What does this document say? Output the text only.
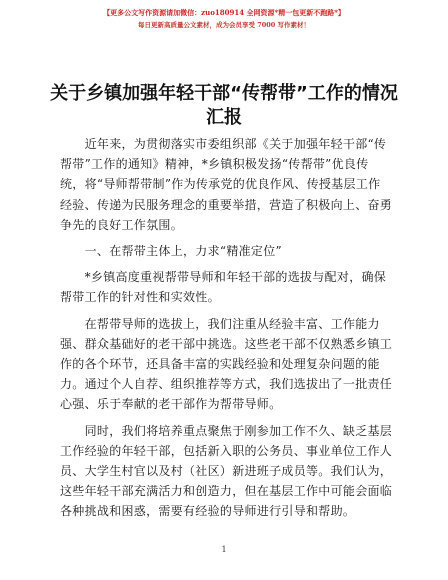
【更多公文写作资源请加微信：zuo180914 全网资源*精一包更新不跑路*】
每日更新高质量公文素材，成为会员享受 7000 写作素材！
关于乡镇加强年轻干部“传帮带”工作的情况
汇报

　　近年来，为贯彻落实市委组织部《关于加强年轻干部“传
帮带”工作的通知》精神，*乡镇积极发扬“传帮带”优良传
统，将“导师帮带制”作为传承党的优良作风、传授基层工作
经验、传递为民服务理念的重要举措，营造了积极向上、奋勇
争先的良好工作氛围。

　　一、在帮带主体上，力求“精准定位”

　　*乡镇高度重视帮带导师和年轻干部的选拔与配对，确保
帮带工作的针对性和实效性。

　　在帮带导师的选拔上，我们注重从经验丰富、工作能力
强、群众基础好的老干部中挑选。这些老干部不仅熟悉乡镇工
作的各个环节，还具备丰富的实践经验和处理复杂问题的能
力。通过个人自荐、组织推荐等方式，我们选拔出了一批责任
心强、乐于奉献的老干部作为帮带导师。

　　同时，我们将培养重点聚焦于刚参加工作不久、缺乏基层
工作经验的年轻干部，包括新入职的公务员、事业单位工作人
员、大学生村官以及村（社区）新进班子成员等。我们认为，
这些年轻干部充满活力和创造力，但在基层工作中可能会面临
各种挑战和困惑，需要有经验的导师进行引导和帮助。

1
